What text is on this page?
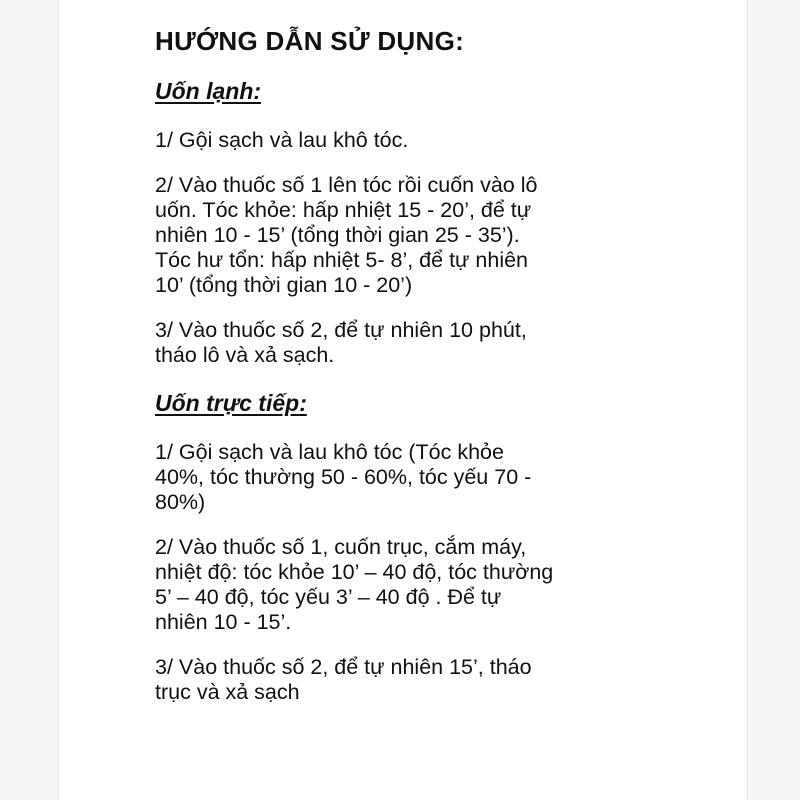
HƯỚNG DẪN SỬ DỤNG:
Uốn lạnh:
1/ Gội sạch và lau khô tóc.
2/ Vào thuốc số 1 lên tóc rồi cuốn vào lô
uốn. Tóc khỏe: hấp nhiệt 15 - 20’, để tự
nhiên 10 - 15’ (tổng thời gian 25 - 35’).
Tóc hư tổn: hấp nhiệt 5- 8’, để tự nhiên
10’ (tổng thời gian 10 - 20’)
3/ Vào thuốc số 2, để tự nhiên 10 phút,
tháo lô và xả sạch.
Uốn trực tiếp:
1/ Gội sạch và lau khô tóc (Tóc khỏe
40%, tóc thường 50 - 60%, tóc yếu 70 -
80%)
2/ Vào thuốc số 1, cuốn trục, cắm máy,
nhiệt độ: tóc khỏe 10’ – 40 độ, tóc thường
5’ – 40 độ, tóc yếu 3’ – 40 độ . Để tự
nhiên 10 - 15’.
3/ Vào thuốc số 2, để tự nhiên 15’, tháo
trục và xả sạch
